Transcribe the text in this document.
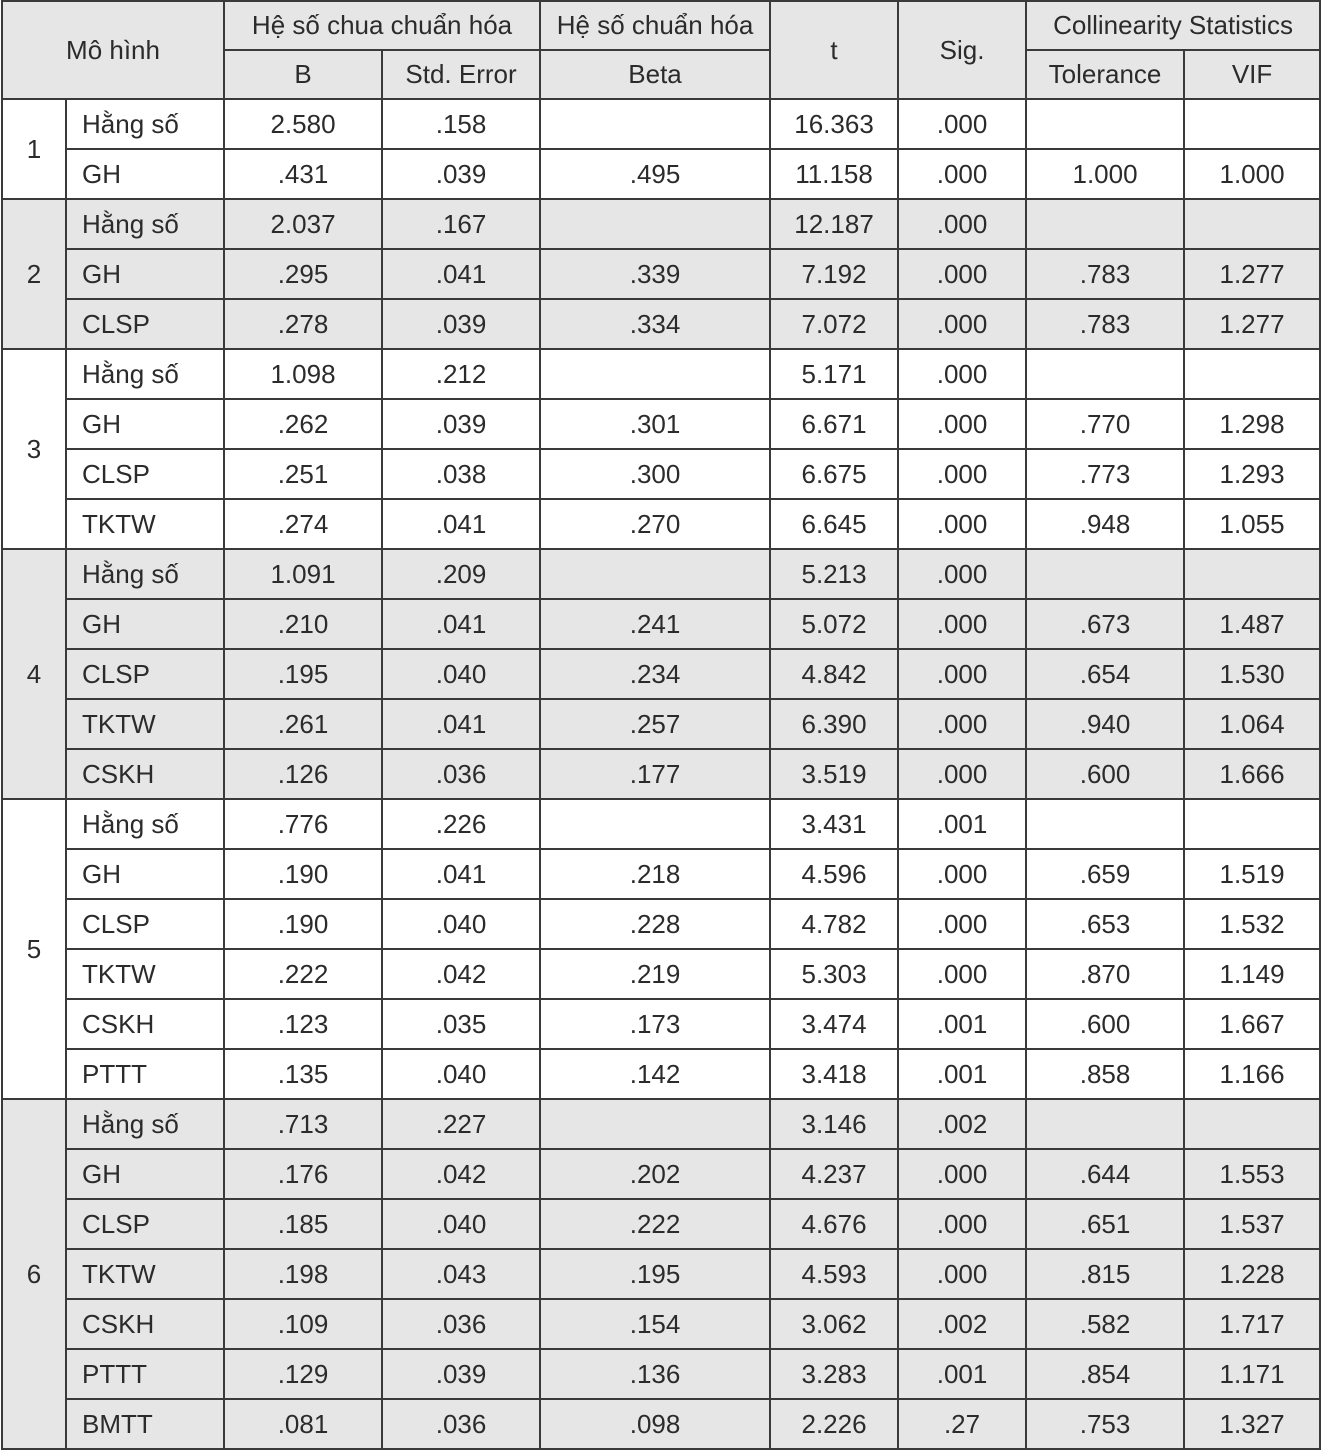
Mô hình		Hệ số chua chuẩn hóa		Hệ số chuẩn hóa	t	Sig.	Collinearity Statistics	
		B	Std. Error	Beta			Tolerance	VIF
1	Hằng số	2.580	.158		16.363	.000		
	GH	.431	.039	.495	11.158	.000	1.000	1.000
2	Hằng số	2.037	.167		12.187	.000		
	GH	.295	.041	.339	7.192	.000	.783	1.277
	CLSP	.278	.039	.334	7.072	.000	.783	1.277
3	Hằng số	1.098	.212		5.171	.000		
	GH	.262	.039	.301	6.671	.000	.770	1.298
	CLSP	.251	.038	.300	6.675	.000	.773	1.293
	TKTW	.274	.041	.270	6.645	.000	.948	1.055
4	Hằng số	1.091	.209		5.213	.000		
	GH	.210	.041	.241	5.072	.000	.673	1.487
	CLSP	.195	.040	.234	4.842	.000	.654	1.530
	TKTW	.261	.041	.257	6.390	.000	.940	1.064
	CSKH	.126	.036	.177	3.519	.000	.600	1.666
5	Hằng số	.776	.226		3.431	.001		
	GH	.190	.041	.218	4.596	.000	.659	1.519
	CLSP	.190	.040	.228	4.782	.000	.653	1.532
	TKTW	.222	.042	.219	5.303	.000	.870	1.149
	CSKH	.123	.035	.173	3.474	.001	.600	1.667
	PTTT	.135	.040	.142	3.418	.001	.858	1.166
6	Hằng số	.713	.227		3.146	.002		
	GH	.176	.042	.202	4.237	.000	.644	1.553
	CLSP	.185	.040	.222	4.676	.000	.651	1.537
	TKTW	.198	.043	.195	4.593	.000	.815	1.228
	CSKH	.109	.036	.154	3.062	.002	.582	1.717
	PTTT	.129	.039	.136	3.283	.001	.854	1.171
	BMTT	.081	.036	.098	2.226	.27	.753	1.327
